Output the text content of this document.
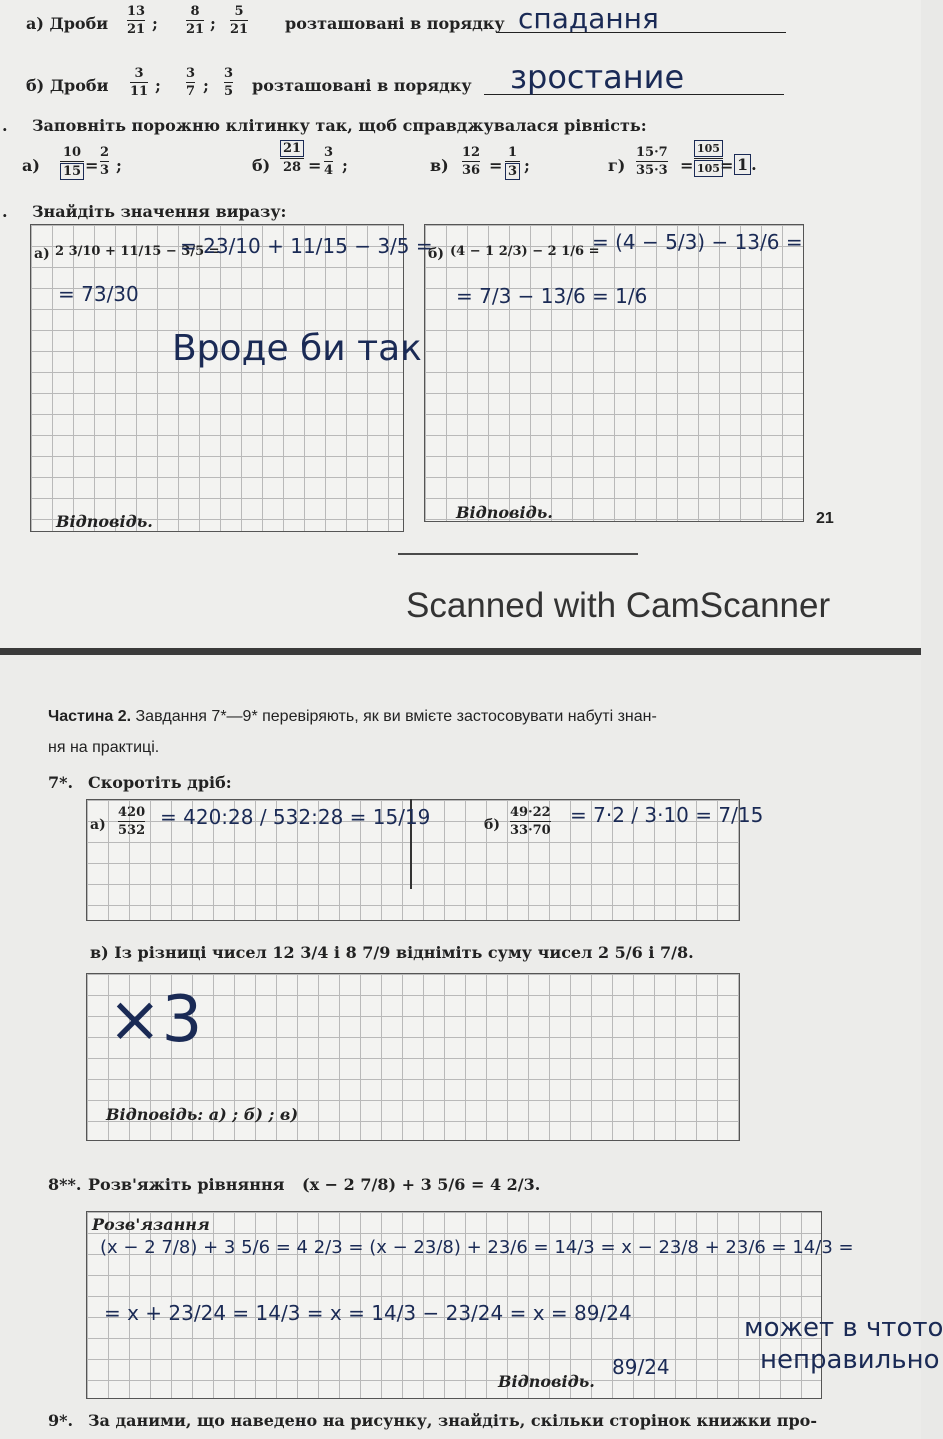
а) Дроби
13
21 ;
8
21 ;
5
21 розташовані в порядку спадання
б) Дроби
3
11 ;
3
7 ;
3
5 розташовані в порядку зростание
. Заповніть порожню клітинку так, щоб справджувалася рівність:
$а) \frac{10}{15}$ =
2
3 ;	$б) \frac{21}{28}$ =
3
4 ;	в)
12
$36 = \frac{1}{3}$ ;	г)
15·7
$35\cdot 3 = \frac{105}{105}$
= 1 .
. Знайдіть значення виразу:
а) 2 3/10 + 11/15 − 3/5 =
= 23/10 + 11/15 − 3/5 =
= 73/30
Вроде би так
Відповідь.
б) (4 − 1 2/3) − 2 1/6 =
= (4 − 5/3) − 13/6 =
= 7/3 − 13/6 = 1/6
Відповідь.	21
Scanned with CamScanner
Частина 2. Завдання 7*—9* перевіряють, як ви вмієте застосовувати набуті знан-
ня на практиці.
7*. Скоротіть дріб:
а)
420
532
= 420:28 / 532:28 = 15/19	б)
49·22
33·70
= 7·2 / 3·10 = 7/15
в) Із різниці чисел 12 3/4 і 8 7/9 відніміть суму чисел 2 5/6 і 7/8.
×3
Відповідь: а) ; б) ; в)
8**. Розв'яжіть рівняння (x − 2 7/8) + 3 5/6 = 4 2/3.
Розв'язання
(x − 2 7/8) + 3 5/6 = 4 2/3 = (x − 23/8) + 23/6 = 14/3 = x − 23/8 + 23/6 = 14/3 =
= x + 23/24 = 14/3 = x = 14/3 − 23/24 = x = 89/24
Відповідь.
89/24
может в чтото
неправильно
9*. За даними, що наведено на рисунку, знайдіть, скільки сторінок книжки про-
